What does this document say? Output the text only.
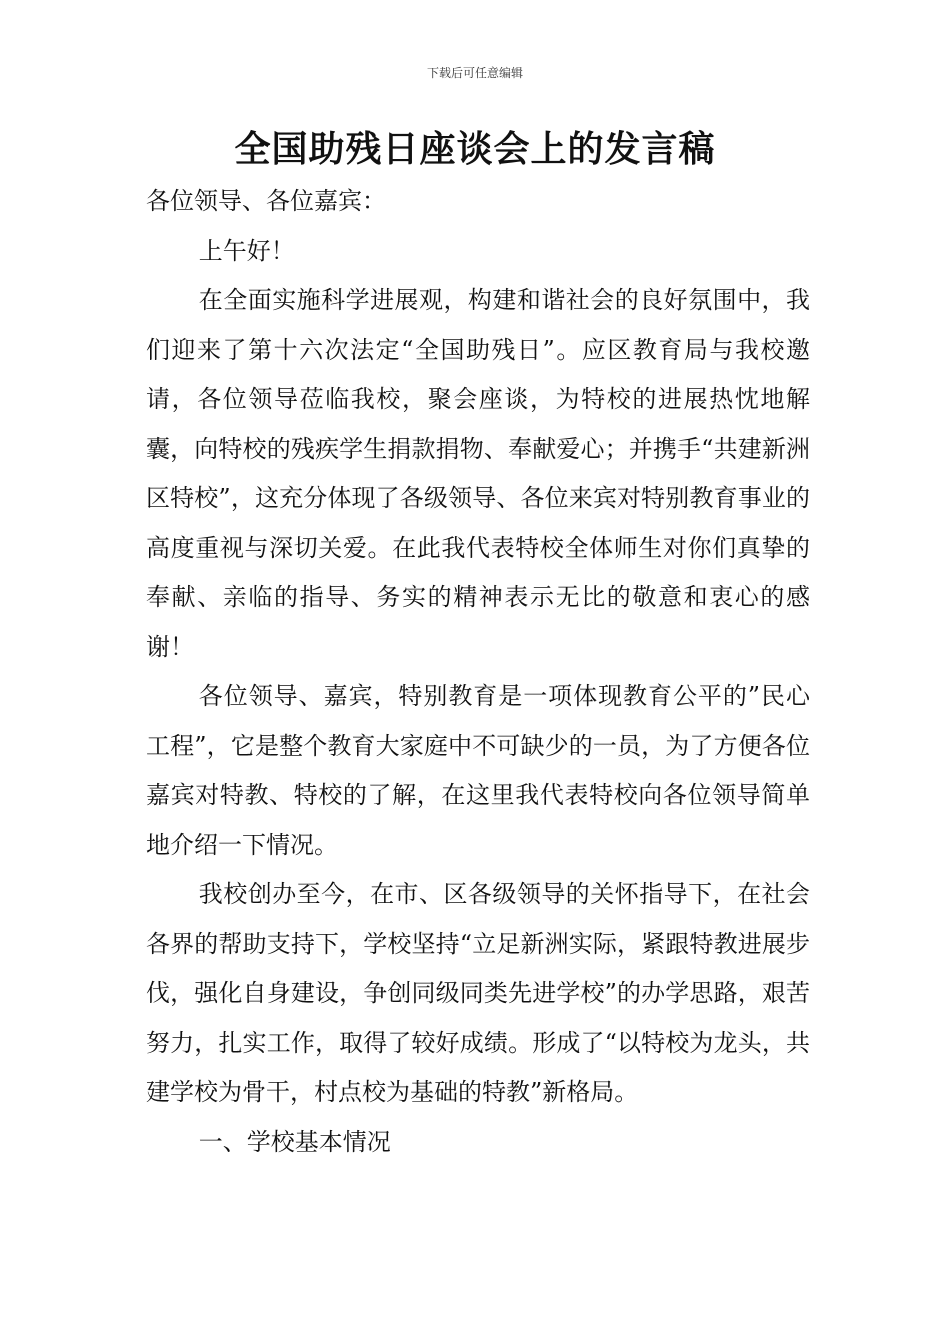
下载后可任意编辑
全国助残日座谈会上的发言稿

各位领导、各位嘉宾：

上午好！

在全面实施科学进展观，构建和谐社会的良好氛围中，我们迎来了第十六次法定“全国助残日”。应区教育局与我校邀请，各位领导莅临我校，聚会座谈，为特校的进展热忱地解囊，向特校的残疾学生捐款捐物、奉献爱心；并携手“共建新洲区特校”，这充分体现了各级领导、各位来宾对特别教育事业的高度重视与深切关爱。在此我代表特校全体师生对你们真挚的奉献、亲临的指导、务实的精神表示无比的敬意和衷心的感谢！

各位领导、嘉宾，特别教育是一项体现教育公平的”民心工程”，它是整个教育大家庭中不可缺少的一员，为了方便各位嘉宾对特教、特校的了解，在这里我代表特校向各位领导简单地介绍一下情况。

我校创办至今，在市、区各级领导的关怀指导下，在社会各界的帮助支持下，学校坚持“立足新洲实际，紧跟特教进展步伐，强化自身建设，争创同级同类先进学校”的办学思路，艰苦努力，扎实工作，取得了较好成绩。形成了“以特校为龙头，共建学校为骨干，村点校为基础的特教”新格局。

一、学校基本情况
